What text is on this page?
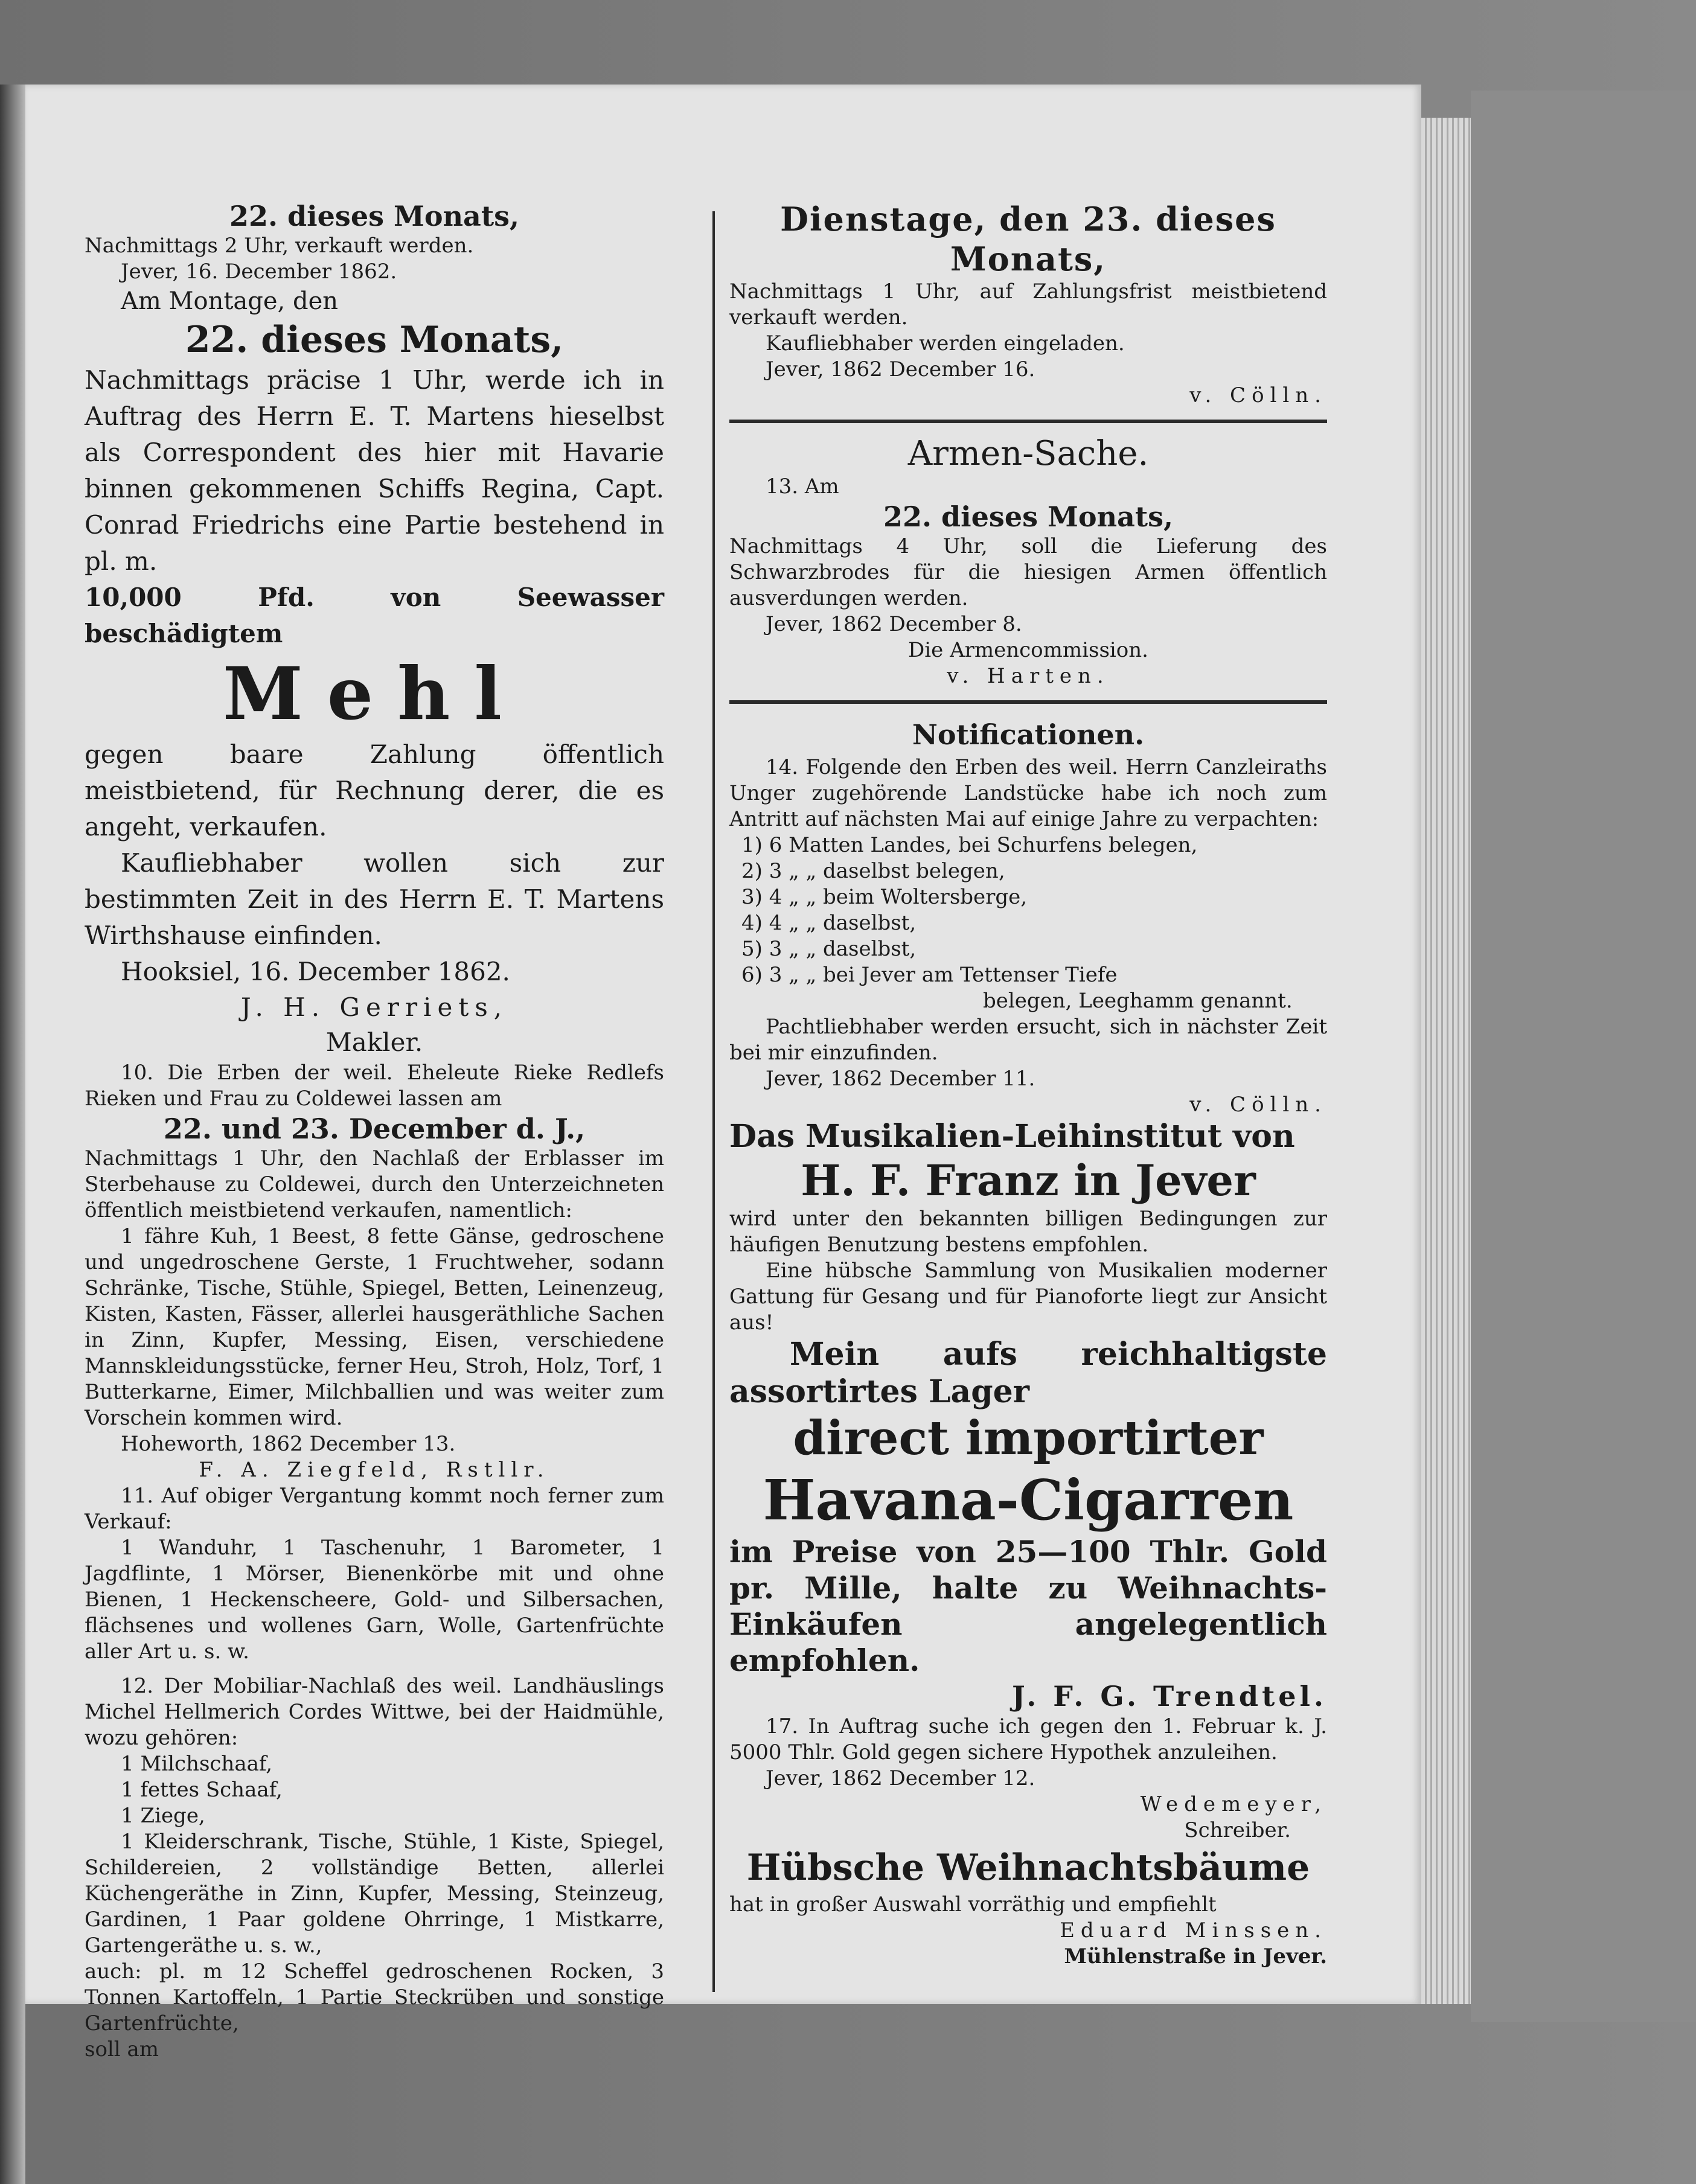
22. dieses Monats,

Nachmittags 2 Uhr, verkauft werden.

Jever, 16. December 1862.

Am Montage, den

22. dieses Monats,

Nachmittags präcise 1 Uhr, werde ich in Auftrag des Herrn E. T. Martens hieselbst als Correspondent des hier mit Havarie binnen gekommenen Schiffs Regina, Capt. Conrad Friedrichs eine Partie bestehend in pl. m.

10,000 Pfd. von Seewasser beschädigtem

Mehl

gegen baare Zahlung öffentlich meistbietend, für Rechnung derer, die es angeht, verkaufen.

Kaufliebhaber wollen sich zur bestimmten Zeit in des Herrn E. T. Martens Wirthshause einfinden.

Hooksiel, 16. December 1862.

J. H. Gerriets,

Makler.

10. Die Erben der weil. Eheleute Rieke Redlefs Rieken und Frau zu Coldewei lassen am

22. und 23. December d. J.,

Nachmittags 1 Uhr, den Nachlaß der Erblasser im Sterbehause zu Coldewei, durch den Unterzeichneten öffentlich meistbietend verkaufen, namentlich:

1 fähre Kuh, 1 Beest, 8 fette Gänse, gedroschene und ungedroschene Gerste, 1 Fruchtweher, sodann Schränke, Tische, Stühle, Spiegel, Betten, Leinenzeug, Kisten, Kasten, Fässer, allerlei hausgeräthliche Sachen in Zinn, Kupfer, Messing, Eisen, verschiedene Mannskleidungsstücke, ferner Heu, Stroh, Holz, Torf, 1 Butterkarne, Eimer, Milchballien und was weiter zum Vorschein kommen wird.

Hoheworth, 1862 December 13.

F. A. Ziegfeld, Rstllr.

11. Auf obiger Vergantung kommt noch ferner zum Verkauf:

1 Wanduhr, 1 Taschenuhr, 1 Barometer, 1 Jagdflinte, 1 Mörser, Bienenkörbe mit und ohne Bienen, 1 Heckenscheere, Gold- und Silbersachen, flächsenes und wollenes Garn, Wolle, Gartenfrüchte aller Art u. s. w.

12. Der Mobiliar-Nachlaß des weil. Landhäuslings Michel Hellmerich Cordes Wittwe, bei der Haidmühle, wozu gehören:

1 Milchschaaf,

1 fettes Schaaf,

1 Ziege,

1 Kleiderschrank, Tische, Stühle, 1 Kiste, Spiegel, Schildereien, 2 vollständige Betten, allerlei Küchengeräthe in Zinn, Kupfer, Messing, Steinzeug, Gardinen, 1 Paar goldene Ohrringe, 1 Mistkarre, Gartengeräthe u. s. w.,

auch: pl. m 12 Scheffel gedroschenen Rocken, 3 Tonnen Kartoffeln, 1 Partie Steckrüben und sonstige Gartenfrüchte,

soll am

Dienstage, den 23. dieses Monats,

Nachmittags 1 Uhr, auf Zahlungsfrist meistbietend verkauft werden.

Kaufliebhaber werden eingeladen.

Jever, 1862 December 16.

v. Cölln.

Armen-Sache.

13. Am

22. dieses Monats,

Nachmittags 4 Uhr, soll die Lieferung des Schwarzbrodes für die hiesigen Armen öffentlich ausverdungen werden.

Jever, 1862 December 8.

Die Armencommission.

v. Harten.

Notificationen.

14. Folgende den Erben des weil. Herrn Canzleiraths Unger zugehörende Landstücke habe ich noch zum Antritt auf nächsten Mai auf einige Jahre zu verpachten:

1) 6 Matten Landes, bei Schurfens belegen,
2) 3 „ „ daselbst belegen,
3) 4 „ „ beim Woltersberge,
4) 4 „ „ daselbst,
5) 3 „ „ daselbst,
6) 3 „ „ bei Jever am Tettenser Tiefe
belegen, Leeghamm genannt.

Pachtliebhaber werden ersucht, sich in nächster Zeit bei mir einzufinden.

Jever, 1862 December 11.

v. Cölln.

Das Musikalien-Leihinstitut von

H. F. Franz in Jever

wird unter den bekannten billigen Bedingungen zur häufigen Benutzung bestens empfohlen.

Eine hübsche Sammlung von Musikalien moderner Gattung für Gesang und für Pianoforte liegt zur Ansicht aus!

Mein aufs reichhaltigste assortirtes Lager

direct importirter

Havana-Cigarren

im Preise von 25—100 Thlr. Gold pr. Mille, halte zu Weihnachts-Einkäufen angelegentlich empfohlen.

J. F. G. Trendtel.

17. In Auftrag suche ich gegen den 1. Februar k. J. 5000 Thlr. Gold gegen sichere Hypothek anzuleihen.

Jever, 1862 December 12.

Wedemeyer,

Schreiber.

Hübsche Weihnachtsbäume

hat in großer Auswahl vorräthig und empfiehlt

Eduard Minssen.

Mühlenstraße in Jever.
